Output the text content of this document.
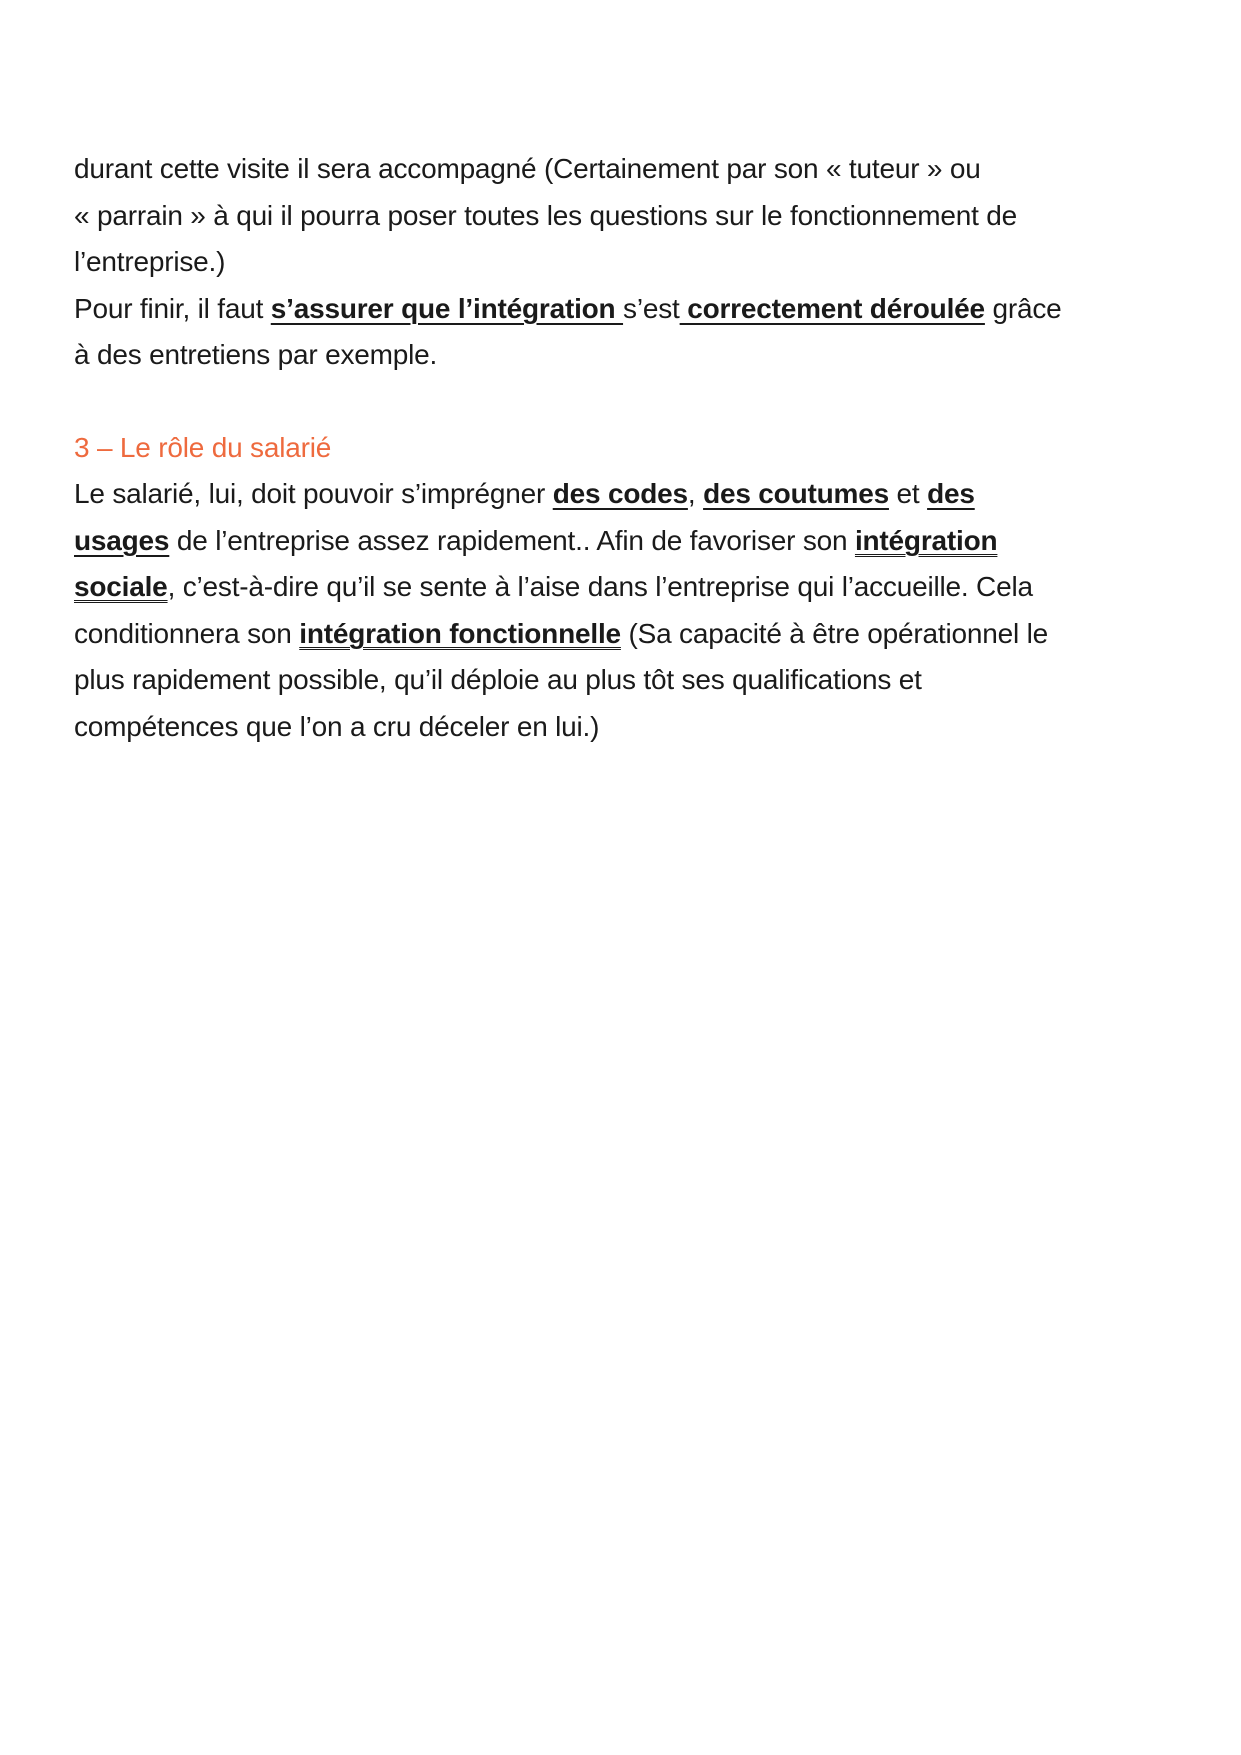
durant cette visite il sera accompagné (Certainement par son « tuteur » ou
« parrain » à qui il pourra poser toutes les questions sur le fonctionnement de
l’entreprise.)

Pour finir, il faut s’assurer que l’intégration s’est correctement déroulée grâce
à des entretiens par exemple.

3 – Le rôle du salarié

Le salarié, lui, doit pouvoir s’imprégner des codes, des coutumes et des
usages de l’entreprise assez rapidement.. Afin de favoriser son intégration
sociale, c’est-à-dire qu’il se sente à l’aise dans l’entreprise qui l’accueille. Cela
conditionnera son intégration fonctionnelle (Sa capacité à être opérationnel le
plus rapidement possible, qu’il déploie au plus tôt ses qualifications et
compétences que l’on a cru déceler en lui.)
